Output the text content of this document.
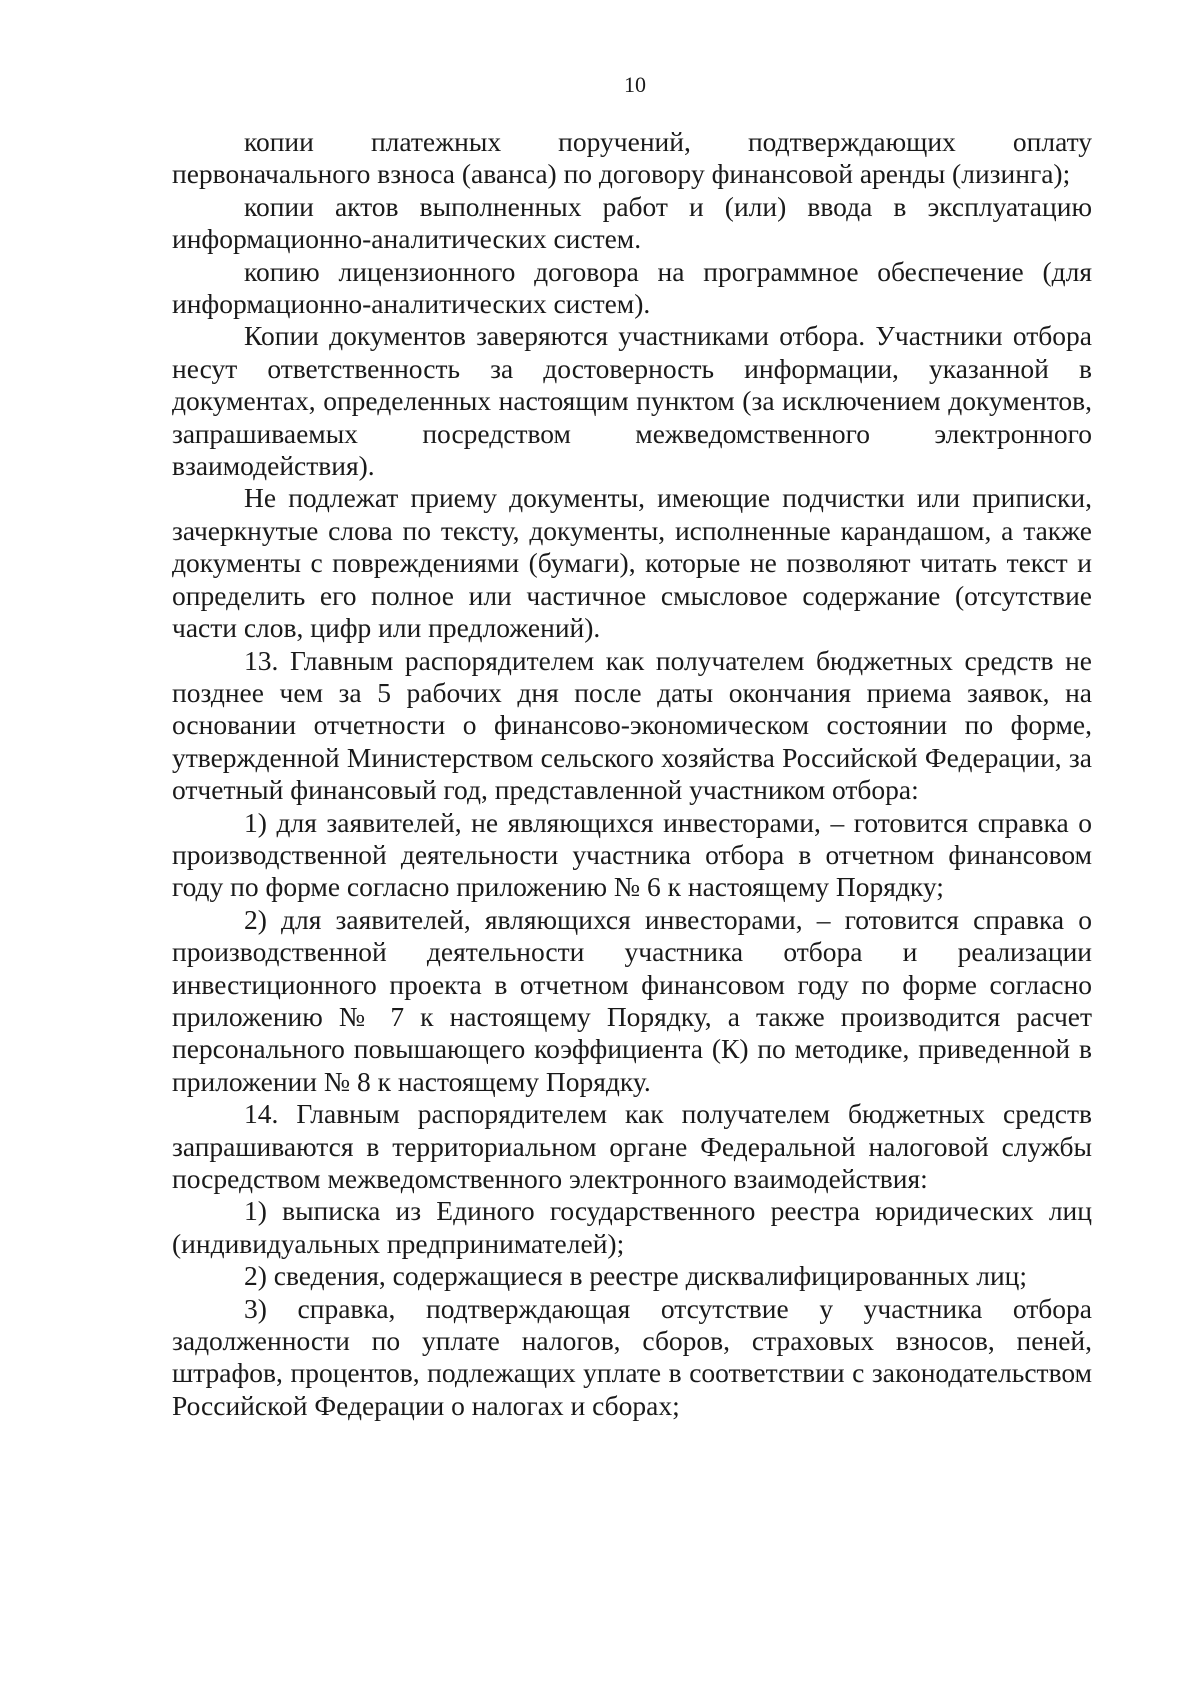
10

копии платежных поручений, подтверждающих оплату первоначального взноса (аванса) по договору финансовой аренды (лизинга);

копии актов выполненных работ и (или) ввода в эксплуатацию информационно-аналитических систем.

копию лицензионного договора на программное обеспечение (для информационно-аналитических систем).

Копии документов заверяются участниками отбора. Участники отбора несут ответственность за достоверность информации, указанной в документах, определенных настоящим пунктом (за исключением документов, запрашиваемых посредством межведомственного электронного взаимодействия).

Не подлежат приему документы, имеющие подчистки или приписки, зачеркнутые слова по тексту, документы, исполненные карандашом, а также документы с повреждениями (бумаги), которые не позволяют читать текст и определить его полное или частичное смысловое содержание (отсутствие части слов, цифр или предложений).

13. Главным распорядителем как получателем бюджетных средств не позднее чем за 5 рабочих дня после даты окончания приема заявок, на основании отчетности о финансово-экономическом состоянии по форме, утвержденной Министерством сельского хозяйства Российской Федерации, за отчетный финансовый год, представленной участником отбора:

1) для заявителей, не являющихся инвесторами, – готовится справка о производственной деятельности участника отбора в отчетном финансовом году по форме согласно приложению № 6 к настоящему Порядку;

2) для заявителей, являющихся инвесторами, – готовится справка о производственной деятельности участника отбора и реализации инвестиционного проекта в отчетном финансовом году по форме согласно приложению № 7 к настоящему Порядку, а также производится расчет персонального повышающего коэффициента (К) по методике, приведенной в приложении № 8 к настоящему Порядку.

14. Главным распорядителем как получателем бюджетных средств запрашиваются в территориальном органе Федеральной налоговой службы посредством межведомственного электронного взаимодействия:

1) выписка из Единого государственного реестра юридических лиц (индивидуальных предпринимателей);

2) сведения, содержащиеся в реестре дисквалифицированных лиц;

3) справка, подтверждающая отсутствие у участника отбора задолженности по уплате налогов, сборов, страховых взносов, пеней, штрафов, процентов, подлежащих уплате в соответствии с законодательством Российской Федерации о налогах и сборах;
